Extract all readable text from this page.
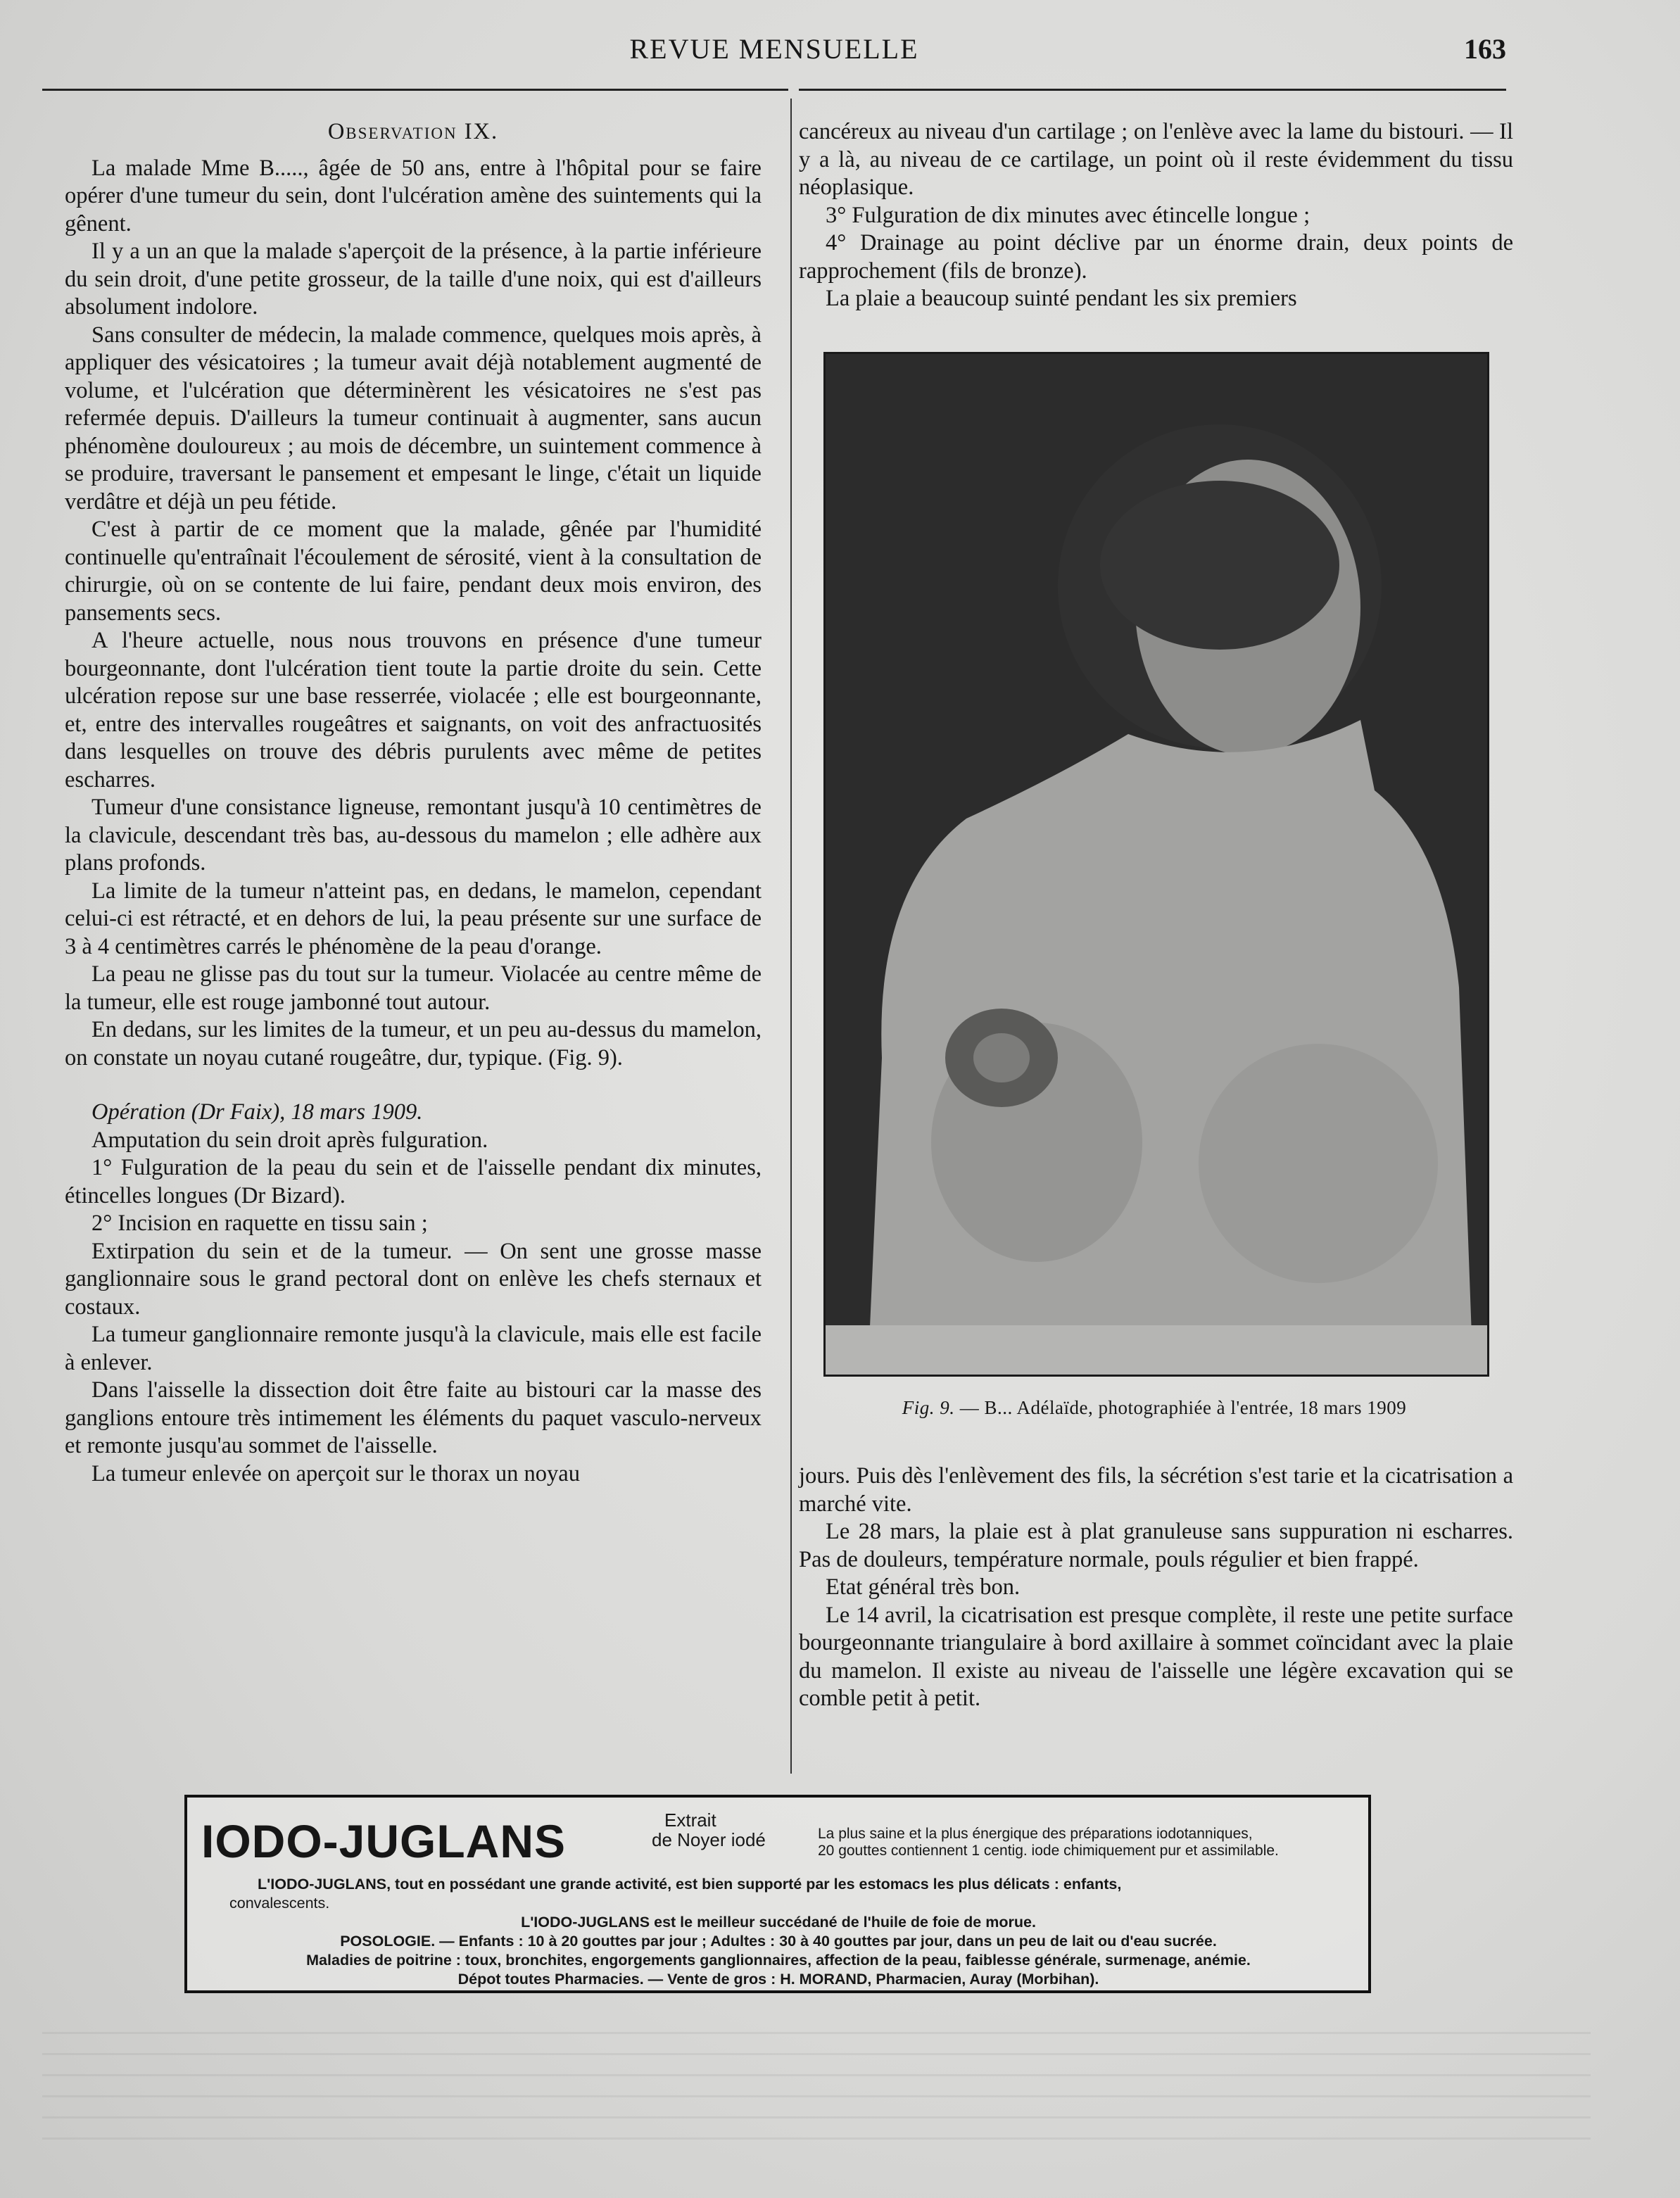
REVUE MENSUELLE	163

Observation IX.

La malade Mme B....., âgée de 50 ans, entre à l'hôpital pour se faire opérer d'une tumeur du sein, dont l'ulcération amène des suintements qui la gênent.

Il y a un an que la malade s'aperçoit de la présence, à la partie inférieure du sein droit, d'une petite grosseur, de la taille d'une noix, qui est d'ailleurs absolument indolore.

Sans consulter de médecin, la malade commence, quelques mois après, à appliquer des vésicatoires ; la tumeur avait déjà notablement augmenté de volume, et l'ulcération que déterminèrent les vésicatoires ne s'est pas refermée depuis. D'ailleurs la tumeur continuait à augmenter, sans aucun phénomène douloureux ; au mois de décembre, un suintement commence à se produire, traversant le pansement et empesant le linge, c'était un liquide verdâtre et déjà un peu fétide.

C'est à partir de ce moment que la malade, gênée par l'humidité continuelle qu'entraînait l'écoulement de sérosité, vient à la consultation de chirurgie, où on se contente de lui faire, pendant deux mois environ, des pansements secs.

A l'heure actuelle, nous nous trouvons en présence d'une tumeur bourgeonnante, dont l'ulcération tient toute la partie droite du sein. Cette ulcération repose sur une base resserrée, violacée ; elle est bourgeonnante, et, entre des intervalles rougeâtres et saignants, on voit des anfractuosités dans lesquelles on trouve des débris purulents avec même de petites escharres.

Tumeur d'une consistance ligneuse, remontant jusqu'à 10 centimètres de la clavicule, descendant très bas, au-dessous du mamelon ; elle adhère aux plans profonds.

La limite de la tumeur n'atteint pas, en dedans, le mamelon, cependant celui-ci est rétracté, et en dehors de lui, la peau présente sur une surface de 3 à 4 centimètres carrés le phénomène de la peau d'orange.

La peau ne glisse pas du tout sur la tumeur. Violacée au centre même de la tumeur, elle est rouge jambonné tout autour.

En dedans, sur les limites de la tumeur, et un peu au-dessus du mamelon, on constate un noyau cutané rougeâtre, dur, typique. (Fig. 9).

Opération (Dr Faix), 18 mars 1909.

Amputation du sein droit après fulguration.

1° Fulguration de la peau du sein et de l'aisselle pendant dix minutes, étincelles longues (Dr Bizard).

2° Incision en raquette en tissu sain ;

Extirpation du sein et de la tumeur. — On sent une grosse masse ganglionnaire sous le grand pectoral dont on enlève les chefs sternaux et costaux.

La tumeur ganglionnaire remonte jusqu'à la clavicule, mais elle est facile à enlever.

Dans l'aisselle la dissection doit être faite au bistouri car la masse des ganglions entoure très intimement les éléments du paquet vasculo-nerveux et remonte jusqu'au sommet de l'aisselle.

La tumeur enlevée on aperçoit sur le thorax un noyau

cancéreux au niveau d'un cartilage ; on l'enlève avec la lame du bistouri. — Il y a là, au niveau de ce cartilage, un point où il reste évidemment du tissu néoplasique.

3° Fulguration de dix minutes avec étincelle longue ;

4° Drainage au point déclive par un énorme drain, deux points de rapprochement (fils de bronze).

La plaie a beaucoup suinté pendant les six premiers

Fig. 9. — B... Adélaïde, photographiée à l'entrée, 18 mars 1909

jours. Puis dès l'enlèvement des fils, la sécrétion s'est tarie et la cicatrisation a marché vite.

Le 28 mars, la plaie est à plat granuleuse sans suppuration ni escharres. Pas de douleurs, température normale, pouls régulier et bien frappé.

Etat général très bon.

Le 14 avril, la cicatrisation est presque complète, il reste une petite surface bourgeonnante triangulaire à bord axillaire à sommet coïncidant avec la plaie du mamelon. Il existe au niveau de l'aisselle une légère excavation qui se comble petit à petit.

IODO-JUGLANS	Extrait
de Noyer iodé	La plus saine et la plus énergique des préparations iodotanniques,
20 gouttes contiennent 1 centig. iode chimiquement pur et assimilable.
L'IODO-JUGLANS, tout en possédant une grande activité, est bien supporté par les estomacs les plus délicats : enfants,
convalescents.
L'IODO-JUGLANS est le meilleur succédané de l'huile de foie de morue.
POSOLOGIE. — Enfants : 10 à 20 gouttes par jour ; Adultes : 30 à 40 gouttes par jour, dans un peu de lait ou d'eau sucrée.
Maladies de poitrine : toux, bronchites, engorgements ganglionnaires, affection de la peau, faiblesse générale, surmenage, anémie.
Dépot toutes Pharmacies. — Vente de gros : H. MORAND, Pharmacien, Auray (Morbihan).
